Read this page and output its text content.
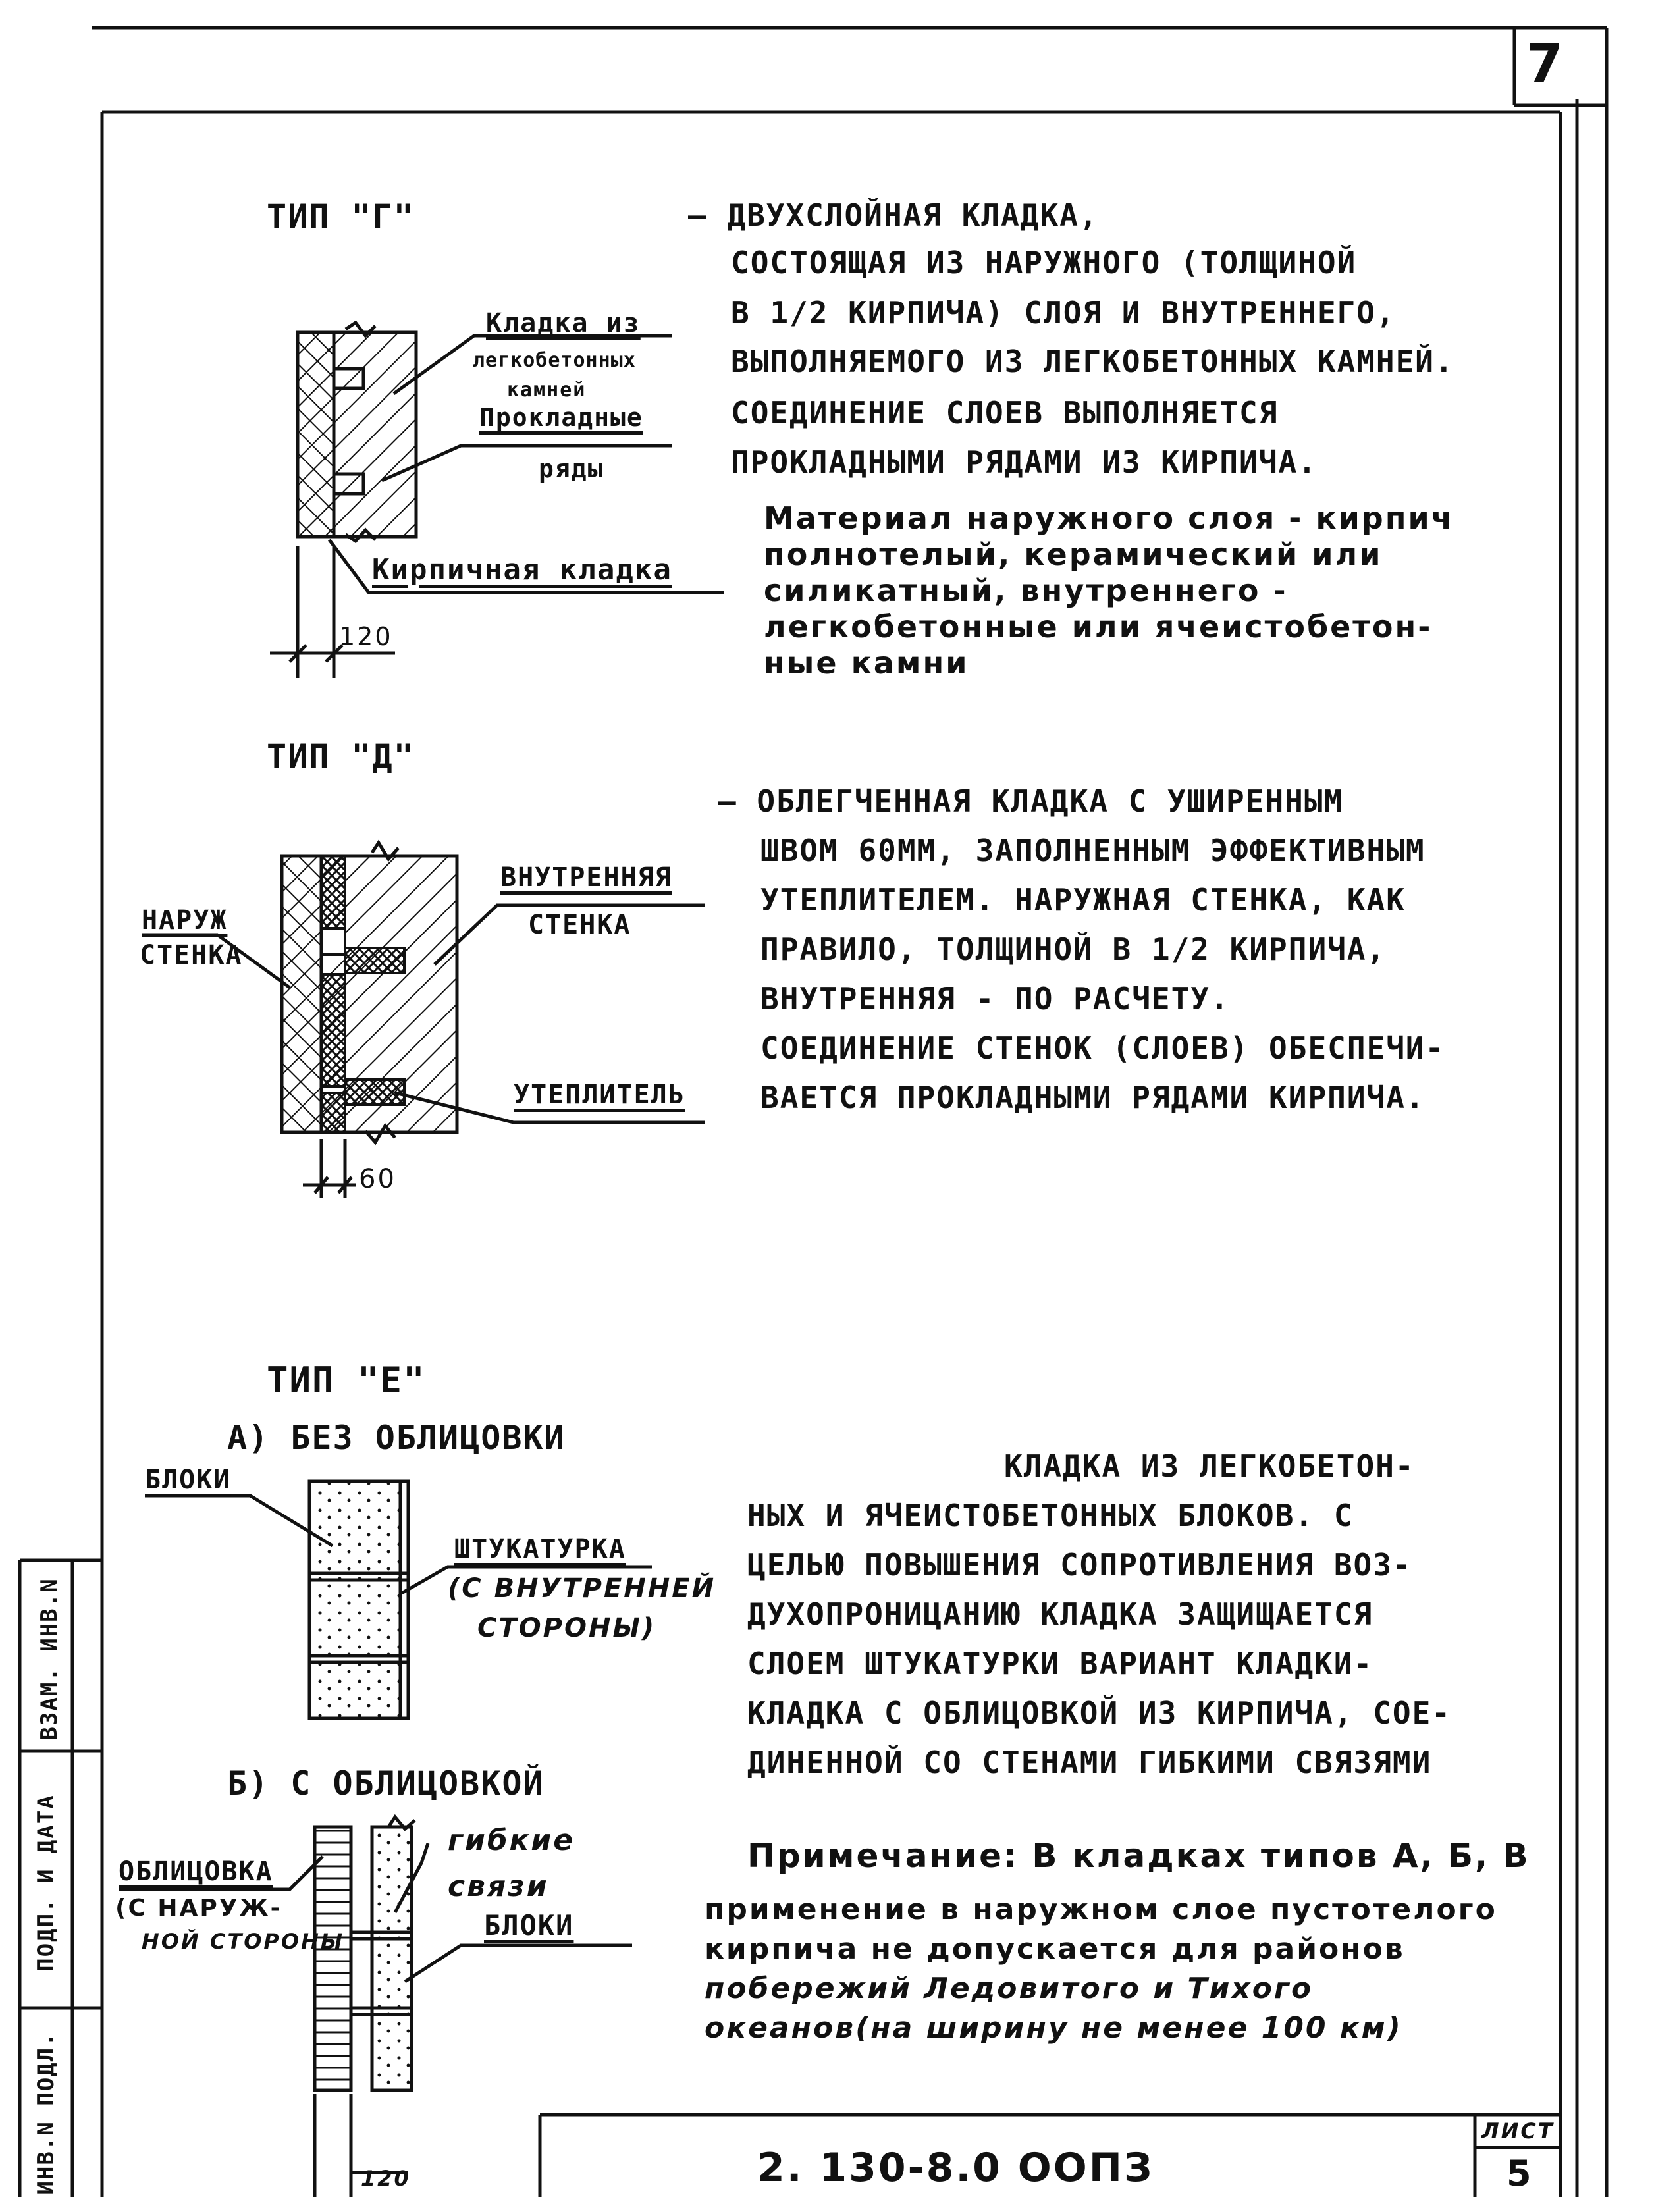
7
В3АМ. ИНВ.N
ПОДП. И ДАТА
ИНВ.N ПОДЛ.
ТИП "Г"
Кладка из
легкобетонных
камней
Прокладные
ряды
Кирпичная кладка
120
— ДВУХСЛОЙНАЯ КЛАДКА,
СОСТОЯЩАЯ ИЗ НАРУЖНОГО (ТОЛЩИНОЙ
В 1/2 КИРПИЧА) СЛОЯ И ВНУТРЕННЕГО,
ВЫПОЛНЯЕМОГО ИЗ ЛЕГКОБЕТОННЫХ КАМНЕЙ.
СОЕДИНЕНИЕ СЛОЕВ ВЫПОЛНЯЕТСЯ
ПРОКЛАДНЫМИ РЯДАМИ ИЗ КИРПИЧА.
Материал наружного слоя - кирпич
полнотелый, керамический или
силикатный, внутреннего -
легкобетонные или ячеистобетон-
ные камни
ТИП "Д"
НАРУЖ
СТЕНКА
ВНУТРЕННЯЯ
СТЕНКА
УТЕПЛИТЕЛЬ
60
— ОБЛЕГЧЕННАЯ КЛАДКА С УШИРЕННЫМ
ШВОМ 60ММ, ЗАПОЛНЕННЫМ ЭФФЕКТИВНЫМ
УТЕПЛИТЕЛЕМ. НАРУЖНАЯ СТЕНКА, КАК
ПРАВИЛО, ТОЛЩИНОЙ В 1/2 КИРПИЧА,
ВНУТРЕННЯЯ - ПО РАСЧЕТУ.
СОЕДИНЕНИЕ СТЕНОК (СЛОЕВ) ОБЕСПЕЧИ-
ВАЕТСЯ ПРОКЛАДНЫМИ РЯДАМИ КИРПИЧА.
ТИП "Е"
А) БЕЗ ОБЛИЦОВКИ
БЛОКИ
ШТУКАТУРКА
(С ВНУТРЕННЕЙ
СТОРОНЫ)
Б) С ОБЛИЦОВКОЙ
ОБЛИЦОВКА
(С НАРУЖ-
НОЙ СТОРОНЫ
гибкие
связи
БЛОКИ
120
КЛАДКА ИЗ ЛЕГКОБЕТОН-
НЫХ И ЯЧЕИСТОБЕТОННЫХ БЛОКОВ. С
ЦЕЛЬЮ ПОВЫШЕНИЯ СОПРОТИВЛЕНИЯ ВОЗ-
ДУХОПРОНИЦАНИЮ КЛАДКА ЗАЩИЩАЕТСЯ
СЛОЕМ ШТУКАТУРКИ ВАРИАНТ КЛАДКИ-
КЛАДКА С ОБЛИЦОВКОЙ ИЗ КИРПИЧА, СОЕ-
ДИНЕННОЙ СО СТЕНАМИ ГИБКИМИ СВЯЗЯМИ
Примечание: В кладках типов А, Б, В
применение в наружном слое пустотелого
кирпича не допускается для районов
побережий Ледовитого и Тихого
океанов(на ширину не менее 100 км)
2. 130-8.0 ООПЗ
ЛИСТ
5
